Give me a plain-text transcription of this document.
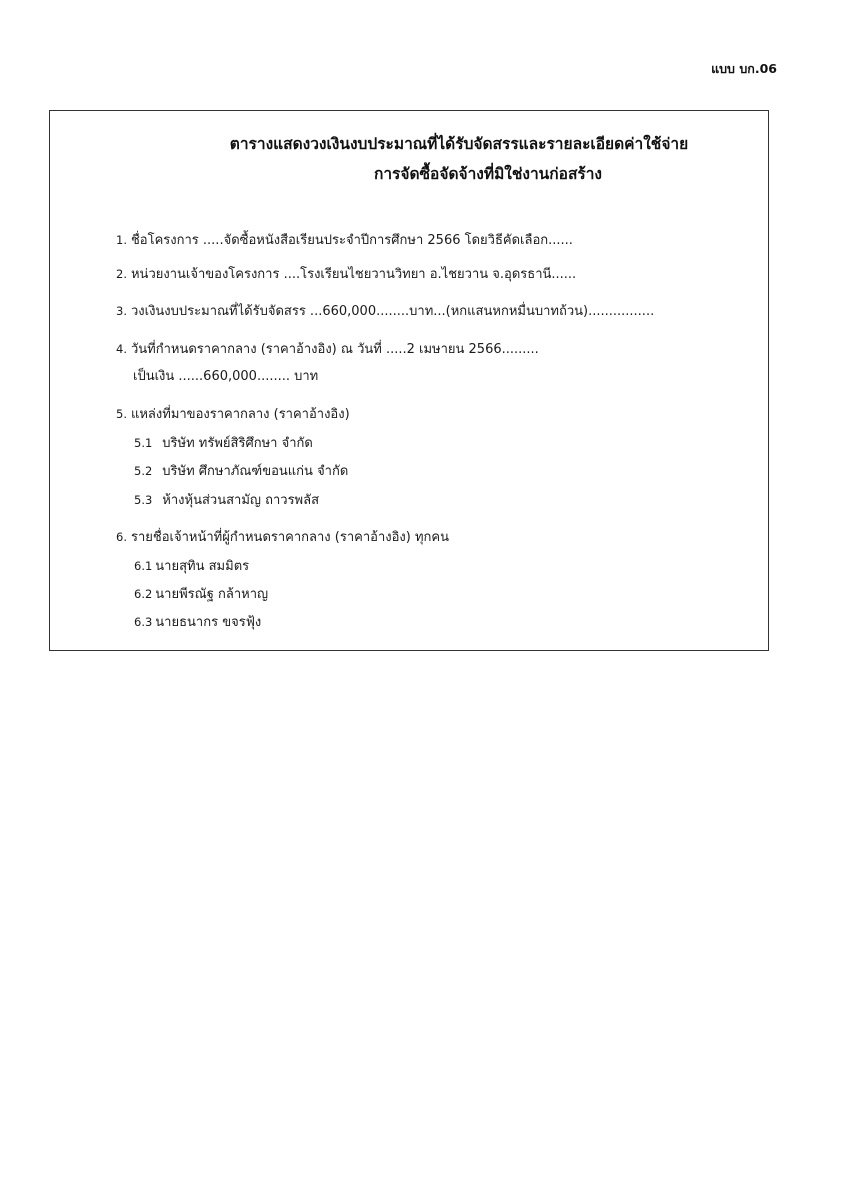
แบบ บก.06
ตารางแสดงวงเงินงบประมาณที่ได้รับจัดสรรและรายละเอียดค่าใช้จ่าย
การจัดซื้อจัดจ้างที่มิใช่งานก่อสร้าง
1. ชื่อโครงการ .....จัดซื้อหนังสือเรียนประจำปีการศึกษา 2566 โดยวิธีคัดเลือก......
2. หน่วยงานเจ้าของโครงการ ....โรงเรียนไชยวานวิทยา อ.ไชยวาน จ.อุดรธานี......
3. วงเงินงบประมาณที่ได้รับจัดสรร ...660,000........บาท...(หกแสนหกหมื่นบาทถ้วน)................
4. วันที่กำหนดราคากลาง (ราคาอ้างอิง) ณ วันที่ .....2 เมษายน 2566.........
เป็นเงิน ......660,000........ บาท
5. แหล่งที่มาของราคากลาง (ราคาอ้างอิง)
5.1 บริษัท ทรัพย์สิริศึกษา จำกัด
5.2 บริษัท ศึกษาภัณฑ์ขอนแก่น จำกัด
5.3 ห้างหุ้นส่วนสามัญ ถาวรพลัส
6. รายชื่อเจ้าหน้าที่ผู้กำหนดราคากลาง (ราคาอ้างอิง) ทุกคน
6.1 นายสุทิน สมมิตร
6.2 นายพีรณัฐ กล้าหาญ
6.3 นายธนากร ขจรฟุ้ง
